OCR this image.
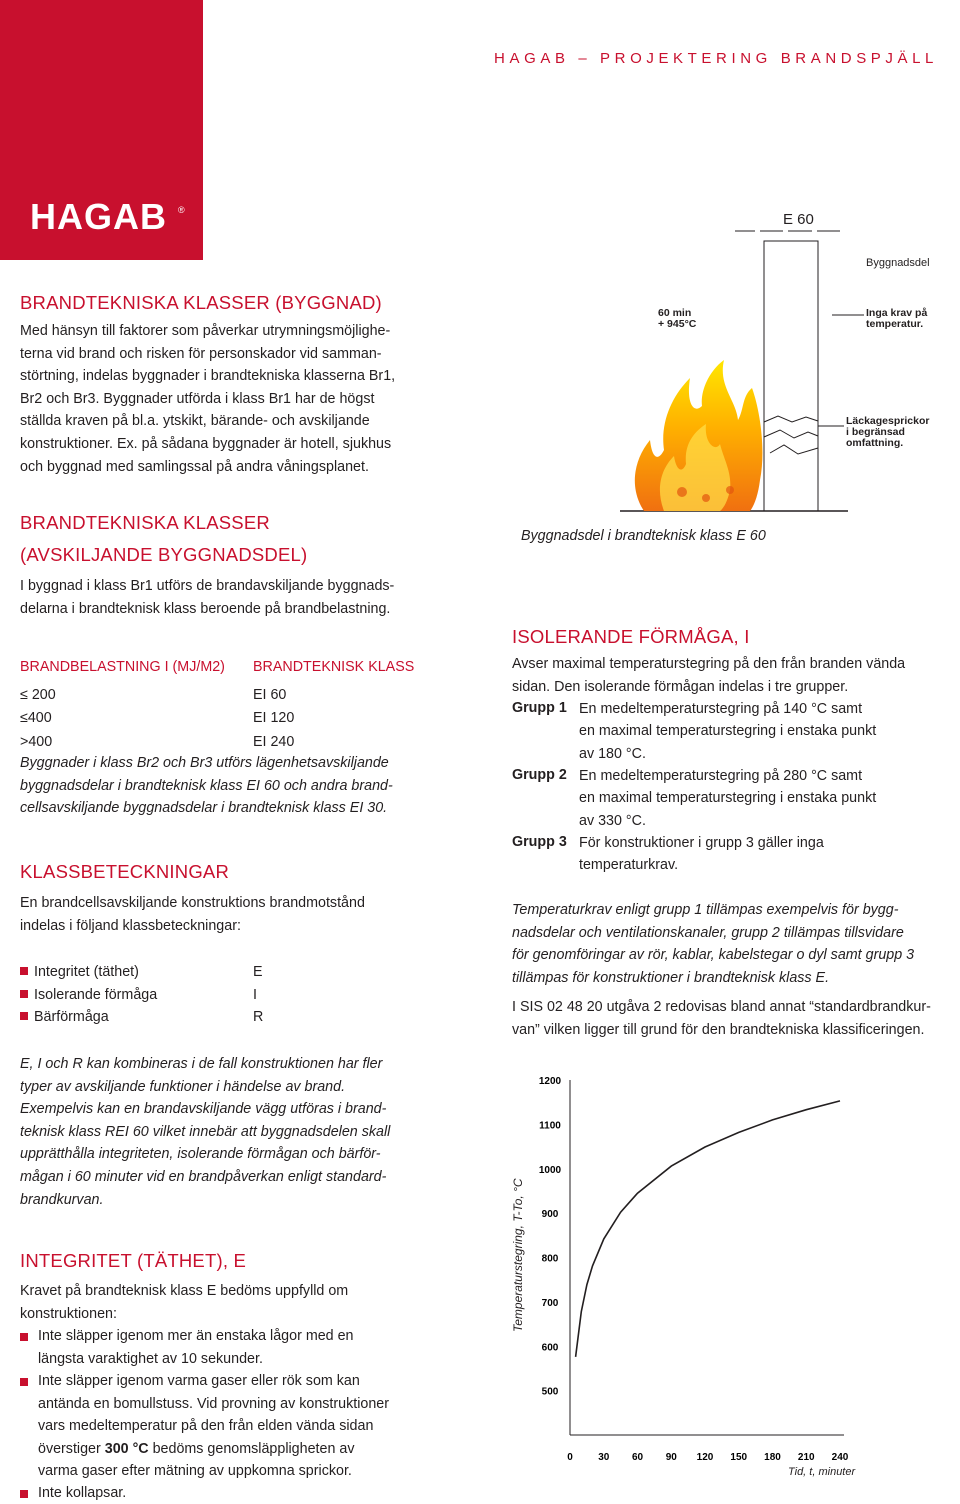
HAGAB ®
HAGAB – PROJEKTERING BRANDSPJÄLL
BRANDTEKNISKA KLASSER (BYGGNAD)
Med hänsyn till faktorer som påverkar utrymningsmöjlighe-
terna vid brand och risken för personskador vid samman-
störtning, indelas byggnader i brandtekniska klasserna Br1,
Br2 och Br3. Byggnader utförda i klass Br1 har de högst
ställda kraven på bl.a. ytskikt, bärande- och avskiljande
konstruktioner. Ex. på sådana byggnader är hotell, sjukhus
och byggnad med samlingssal på andra våningsplanet.
BRANDTEKNISKA KLASSER
(AVSKILJANDE BYGGNADSDEL)
I byggnad i klass Br1 utförs de brandavskiljande byggnads-
delarna i brandteknisk klass beroende på brandbelastning.
BRANDBELASTNING I (MJ/M2) BRANDTEKNISK KLASS
≤ 200	EI 60
≤400	EI 120
>400	EI 240
Byggnader i klass Br2 och Br3 utförs lägenhetsavskiljande
byggnadsdelar i brandteknisk klass EI 60 och andra brand-
cellsavskiljande byggnadsdelar i brandteknisk klass EI 30.
KLASSBETECKNINGAR
En brandcellsavskiljande konstruktions brandmotstånd
indelas i följand klassbeteckningar:
Integritet (täthet)	E
Isolerande förmåga	I
Bärförmåga	R
E, I och R kan kombineras i de fall konstruktionen har fler
typer av avskiljande funktioner i händelse av brand.
Exempelvis kan en brandavskiljande vägg utföras i brand-
teknisk klass REI 60 vilket innebär att byggnadsdelen skall
upprätthålla integriteten, isolerande förmågan och bärför-
mågan i 60 minuter vid en brandpåverkan enligt standard-
brandkurvan.
INTEGRITET (TÄTHET), E
Kravet på brandteknisk klass E bedöms uppfylld om
konstruktionen:
Inte släpper igenom mer än enstaka lågor med en
längsta varaktighet av 10 sekunder.
Inte släpper igenom varma gaser eller rök som kan
antända en bomullstuss. Vid provning av konstruktioner
vars medeltemperatur på den från elden vända sidan
överstiger 300 °C bedöms genomsläppligheten av
varma gaser efter mätning av uppkomna sprickor.
Inte kollapsar.
E 60
Byggnadsdel
60 min
+ 945°C
Inga krav på
temperatur.
Läckagesprickor
i begränsad
omfattning.
Byggnadsdel i brandteknisk klass E 60
ISOLERANDE FÖRMÅGA, I
Avser maximal temperaturstegring på den från branden vända
sidan. Den isolerande förmågan indelas i tre grupper.
Grupp 1 En medeltemperaturstegring på 140 °C samt
en maximal temperaturstegring i enstaka punkt
av 180 °C.
Grupp 2 En medeltemperaturstegring på 280 °C samt
en maximal temperaturstegring i enstaka punkt
av 330 °C.
Grupp 3 För konstruktioner i grupp 3 gäller inga
temperaturkrav.
Temperaturkrav enligt grupp 1 tillämpas exempelvis för bygg-
nadsdelar och ventilationskanaler, grupp 2 tillämpas tillsvidare
för genomföringar av rör, kablar, kabelstegar o dyl samt grupp 3
tillämpas för konstruktioner i brandteknisk klass E.
I SIS 02 48 20 utgåva 2 redovisas bland annat “standardbrandkur-
van” vilken ligger till grund för den brandtekniska klassificeringen.
Temperaturstegring, T-To, °C
0	30 60 90 120 150 180 210 240
500
600
700
800
900
1000
1100
1200
Tid, t, minuter
